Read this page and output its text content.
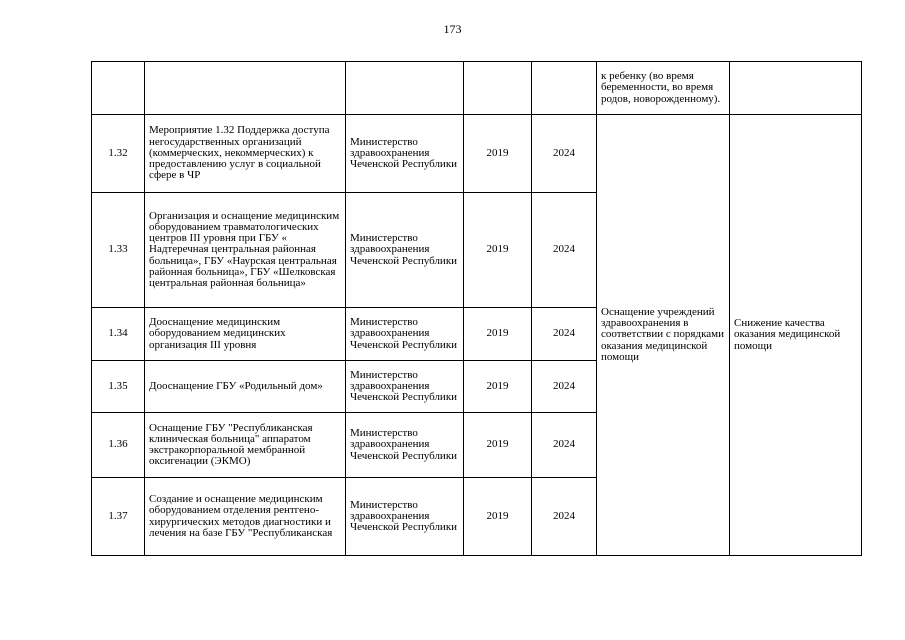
173

					к ребенку (во время беременности, во время родов, новорожденному).	

1.32	Мероприятие 1.32 Поддержка доступа негосударственных организаций (коммерческих, некоммерческих) к предоставлению услуг в социальной сфере в ЧР	Министерство здравоохранения Чеченской Республики	2019	2024	Оснащение учреждений здравоохранения в соответствии с порядками оказания медицинской помощи	Снижение качества оказания медицинской помощи
1.33	Организация и оснащение медицинским оборудованием травматологических центров III уровня при ГБУ « Надтеречная центральная районная больница», ГБУ «Наурская центральная районная больница», ГБУ «Шелковская центральная районная больница»	Министерство здравоохранения Чеченской Республики	2019	2024		
1.34	Дооснащение медицинским оборудованием медицинских организация III уровня	Министерство здравоохранения Чеченской Республики	2019	2024		
1.35	Дооснащение ГБУ «Родильный дом»	Министерство здравоохранения Чеченской Республики	2019	2024		
1.36	Оснащение ГБУ "Республиканская клиническая больница" аппаратом экстракорпоральной мембранной оксигенации (ЭКМО)	Министерство здравоохранения Чеченской Республики	2019	2024		
1.37	Создание и оснащение медицинским оборудованием отделения рентгено-хирургических методов диагностики и лечения на базе ГБУ "Республиканская	Министерство здравоохранения Чеченской Республики	2019	2024		
